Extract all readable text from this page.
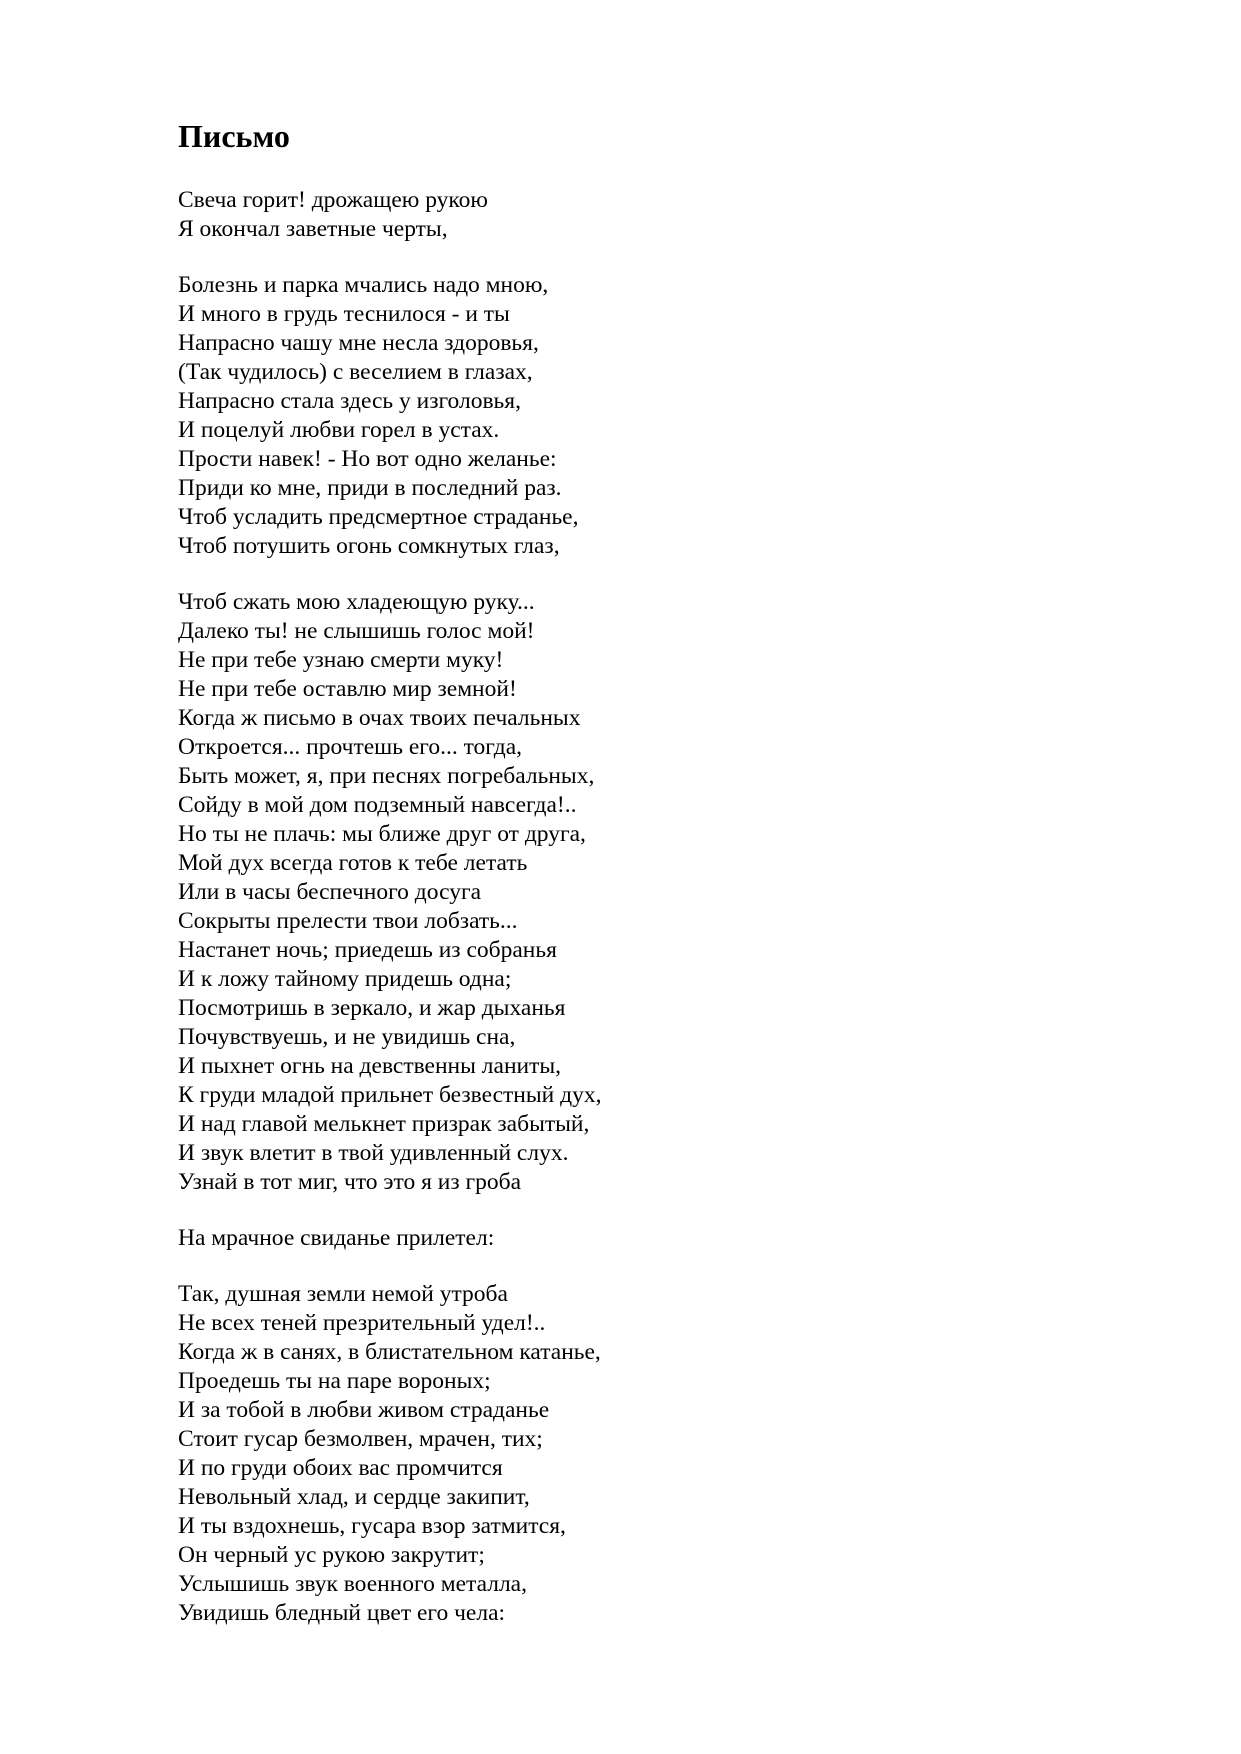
Письмо
Свеча горит! дрожащею рукою
Я окончал заветные черты,
Болезнь и парка мчались надо мною,
И много в грудь теснилося - и ты
Напрасно чашу мне несла здоровья,
(Так чудилось) с веселием в глазах,
Напрасно стала здесь у изголовья,
И поцелуй любви горел в устах.
Прости навек! - Но вот одно желанье:
Приди ко мне, приди в последний раз.
Чтоб усладить предсмертное страданье,
Чтоб потушить огонь сомкнутых глаз,
Чтоб сжать мою хладеющую руку...
Далеко ты! не слышишь голос мой!
Не при тебе узнаю смерти муку!
Не при тебе оставлю мир земной!
Когда ж письмо в очах твоих печальных
Откроется... прочтешь его... тогда,
Быть может, я, при песнях погребальных,
Сойду в мой дом подземный навсегда!..
Но ты не плачь: мы ближе друг от друга,
Мой дух всегда готов к тебе летать
Или в часы беспечного досуга
Сокрыты прелести твои лобзать...
Настанет ночь; приедешь из собранья
И к ложу тайному придешь одна;
Посмотришь в зеркало, и жар дыханья
Почувствуешь, и не увидишь сна,
И пыхнет огнь на девственны ланиты,
К груди младой прильнет безвестный дух,
И над главой мелькнет призрак забытый,
И звук влетит в твой удивленный слух.
Узнай в тот миг, что это я из гроба
На мрачное свиданье прилетел:
Так, душная земли немой утроба
Не всех теней презрительный удел!..
Когда ж в санях, в блистательном катанье,
Проедешь ты на паре вороных;
И за тобой в любви живом страданье
Стоит гусар безмолвен, мрачен, тих;
И по груди обоих вас промчится
Невольный хлад, и сердце закипит,
И ты вздохнешь, гусара взор затмится,
Он черный ус рукою закрутит;
Услышишь звук военного металла,
Увидишь бледный цвет его чела:
